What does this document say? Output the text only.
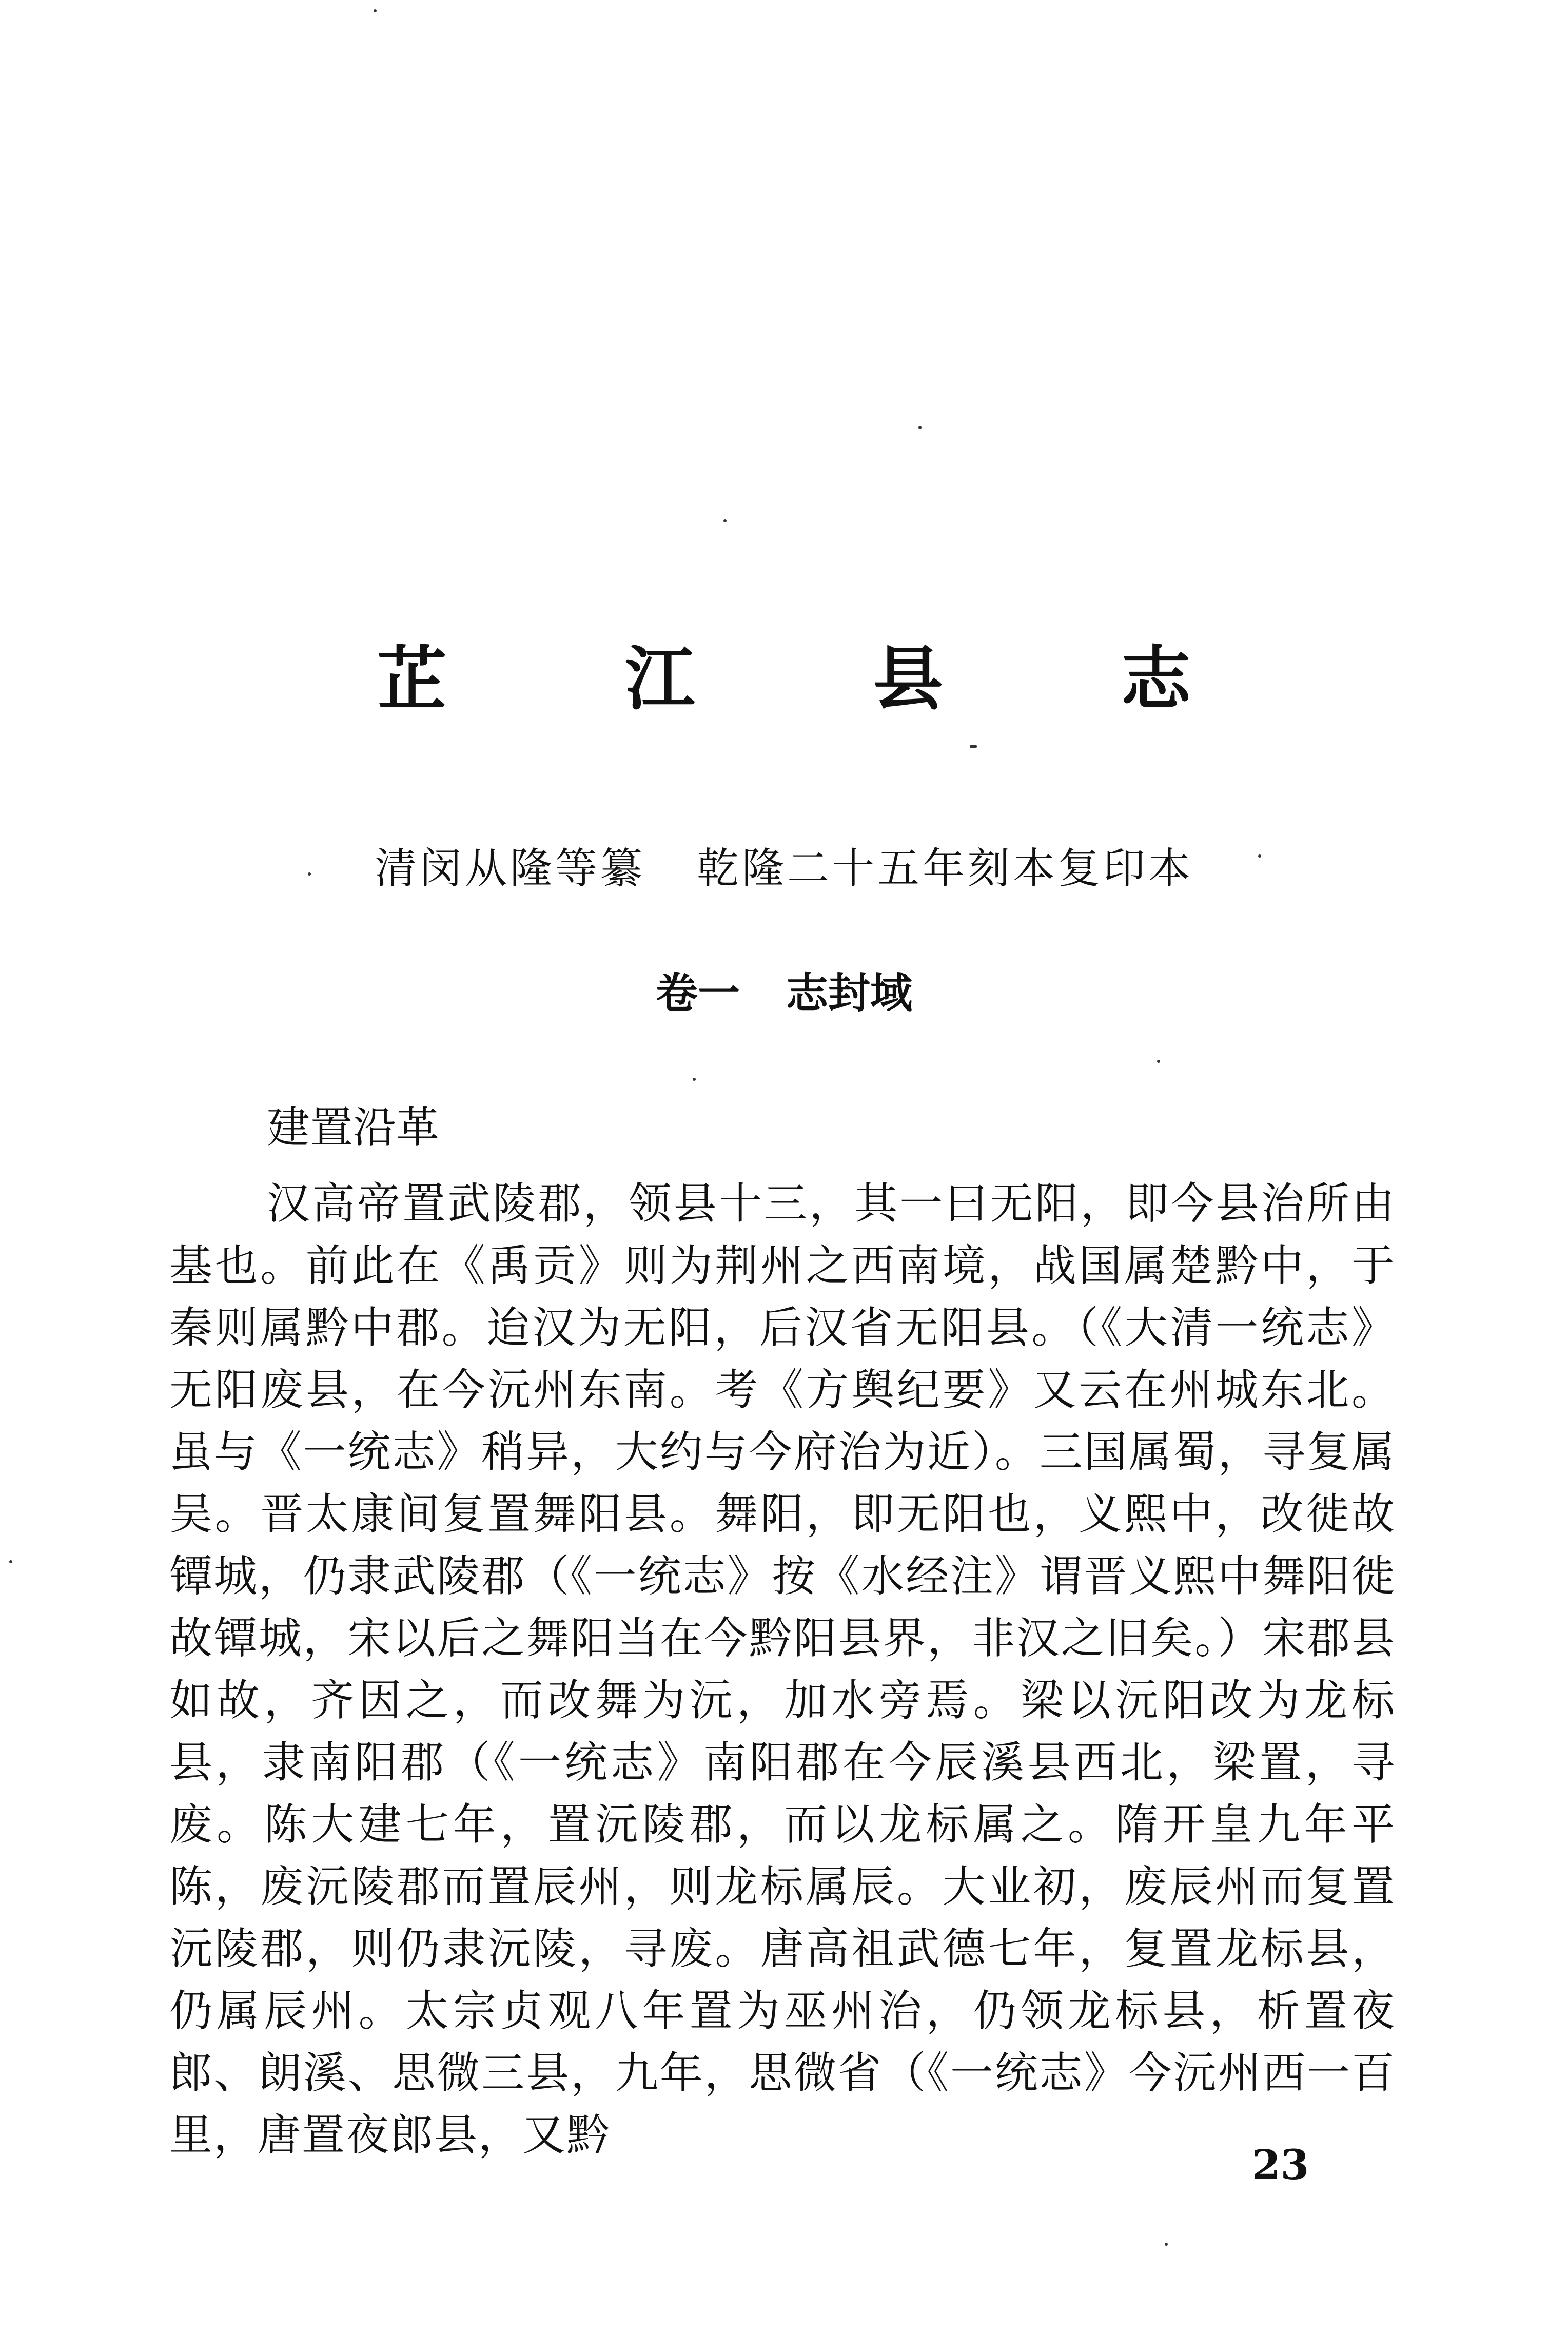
芷 江 县 志
清闵从隆等纂 乾隆二十五年刻本复印本
卷一 志封域
建置沿革

汉高帝置武陵郡，领县十三，其一曰无阳，即今县治所由基也。前此在《禹贡》则为荆州之西南境，战国属楚黔中，于秦则属黔中郡。迨汉为无阳，后汉省无阳县。（《大清一统志》无阳废县，在今沅州东南。考《方舆纪要》又云在州城东北。虽与《一统志》稍异，大约与今府治为近）。三国属蜀，寻复属吴。晋太康间复置舞阳县。舞阳，即无阳也，义熙中，改徙故镡城，仍隶武陵郡（《一统志》按《水经注》谓晋义熙中舞阳徙故镡城，宋以后之舞阳当在今黔阳县界，非汉之旧矣。）宋郡县如故，齐因之，而改舞为沅，加水旁焉。梁以沅阳改为龙标县，隶南阳郡（《一统志》南阳郡在今辰溪县西北，梁置，寻废。陈大建七年，置沅陵郡，而以龙标属之。隋开皇九年平陈，废沅陵郡而置辰州，则龙标属辰。大业初，废辰州而复置沅陵郡，则仍隶沅陵，寻废。唐高祖武德七年，复置龙标县，仍属辰州。太宗贞观八年置为巫州治，仍领龙标县，析置夜郎、朗溪、思微三县，九年，思微省（《一统志》今沅州西一百里，唐置夜郎县，又黔

23
